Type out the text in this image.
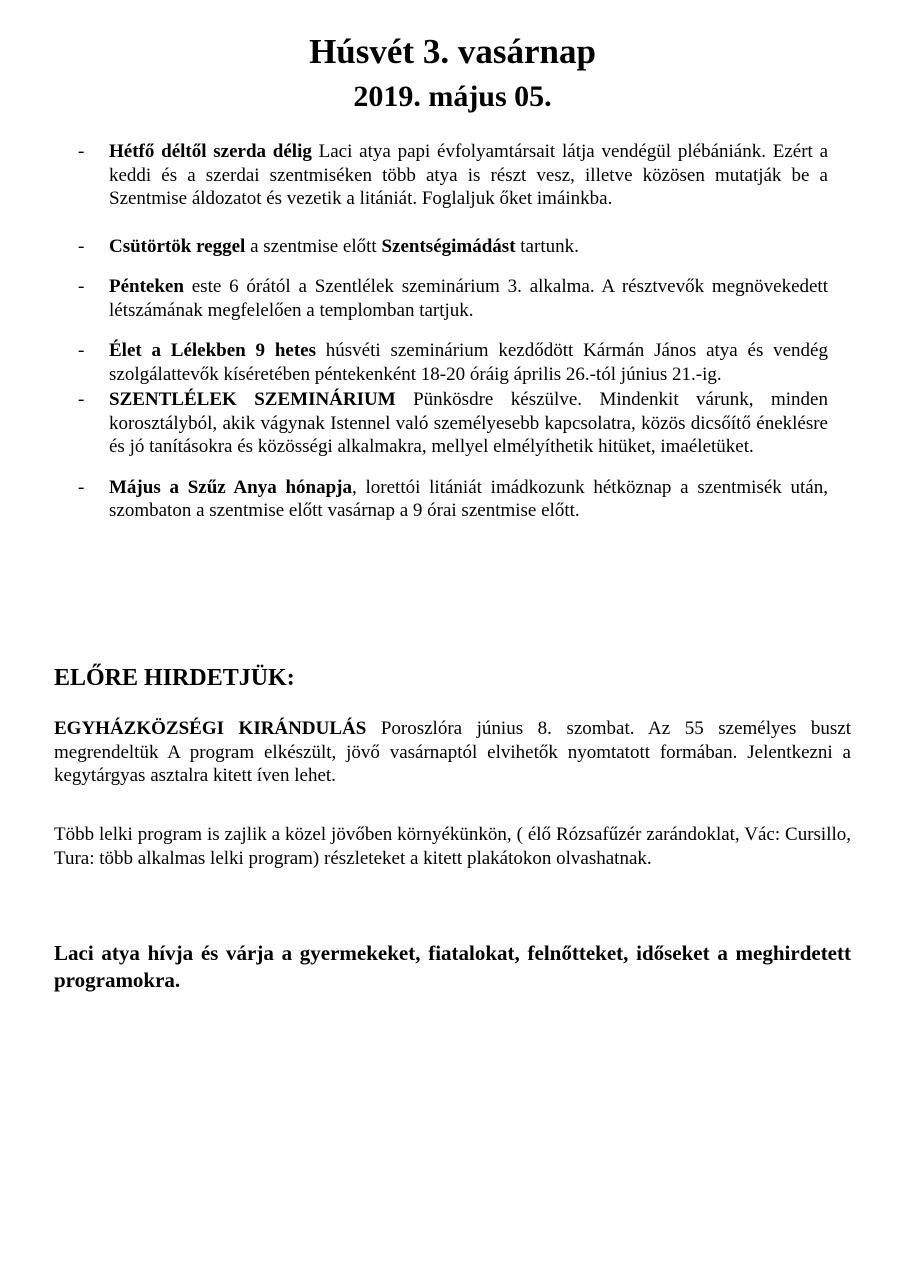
Húsvét 3. vasárnap
2019. május 05.
- Hétfő déltől szerda délig Laci atya papi évfolyamtársait látja vendégül plébániánk. Ezért a keddi és a szerdai szentmiséken több atya is részt vesz, illetve közösen mutatják be a Szentmise áldozatot és vezetik a litániát. Foglaljuk őket imáinkba.

- Csütörtök reggel a szentmise előtt Szentségimádást tartunk.

- Pénteken este 6 órától a Szentlélek szeminárium 3. alkalma. A résztvevők megnövekedett létszámának megfelelően a templomban tartjuk.

- Élet a Lélekben 9 hetes húsvéti szeminárium kezdődött Kármán János atya és vendég szolgálattevők kíséretében péntekenként 18-20 óráig április 26.-tól június 21.-ig.

- SZENTLÉLEK SZEMINÁRIUM Pünkösdre készülve. Mindenkit várunk, minden korosztályból, akik vágynak Istennel való személyesebb kapcsolatra, közös dicsőítő éneklésre és jó tanításokra és közösségi alkalmakra, mellyel elmélyíthetik hitüket, imaéletüket.

- Május a Szűz Anya hónapja, lorettói litániát imádkozunk hétköznap a szentmisék után, szombaton a szentmise előtt vasárnap a 9 órai szentmise előtt.

ELŐRE HIRDETJÜK:

EGYHÁZKÖZSÉGI KIRÁNDULÁS Poroszlóra június 8. szombat. Az 55 személyes buszt megrendeltük A program elkészült, jövő vasárnaptól elvihetők nyomtatott formában. Jelentkezni a kegytárgyas asztalra kitett íven lehet.

Több lelki program is zajlik a közel jövőben környékünkön, ( élő Rózsafűzér zarándoklat, Vác: Cursillo, Tura: több alkalmas lelki program) részleteket a kitett plakátokon olvashatnak.

Laci atya hívja és várja a gyermekeket, fiatalokat, felnőtteket, időseket a meghirdetett programokra.
